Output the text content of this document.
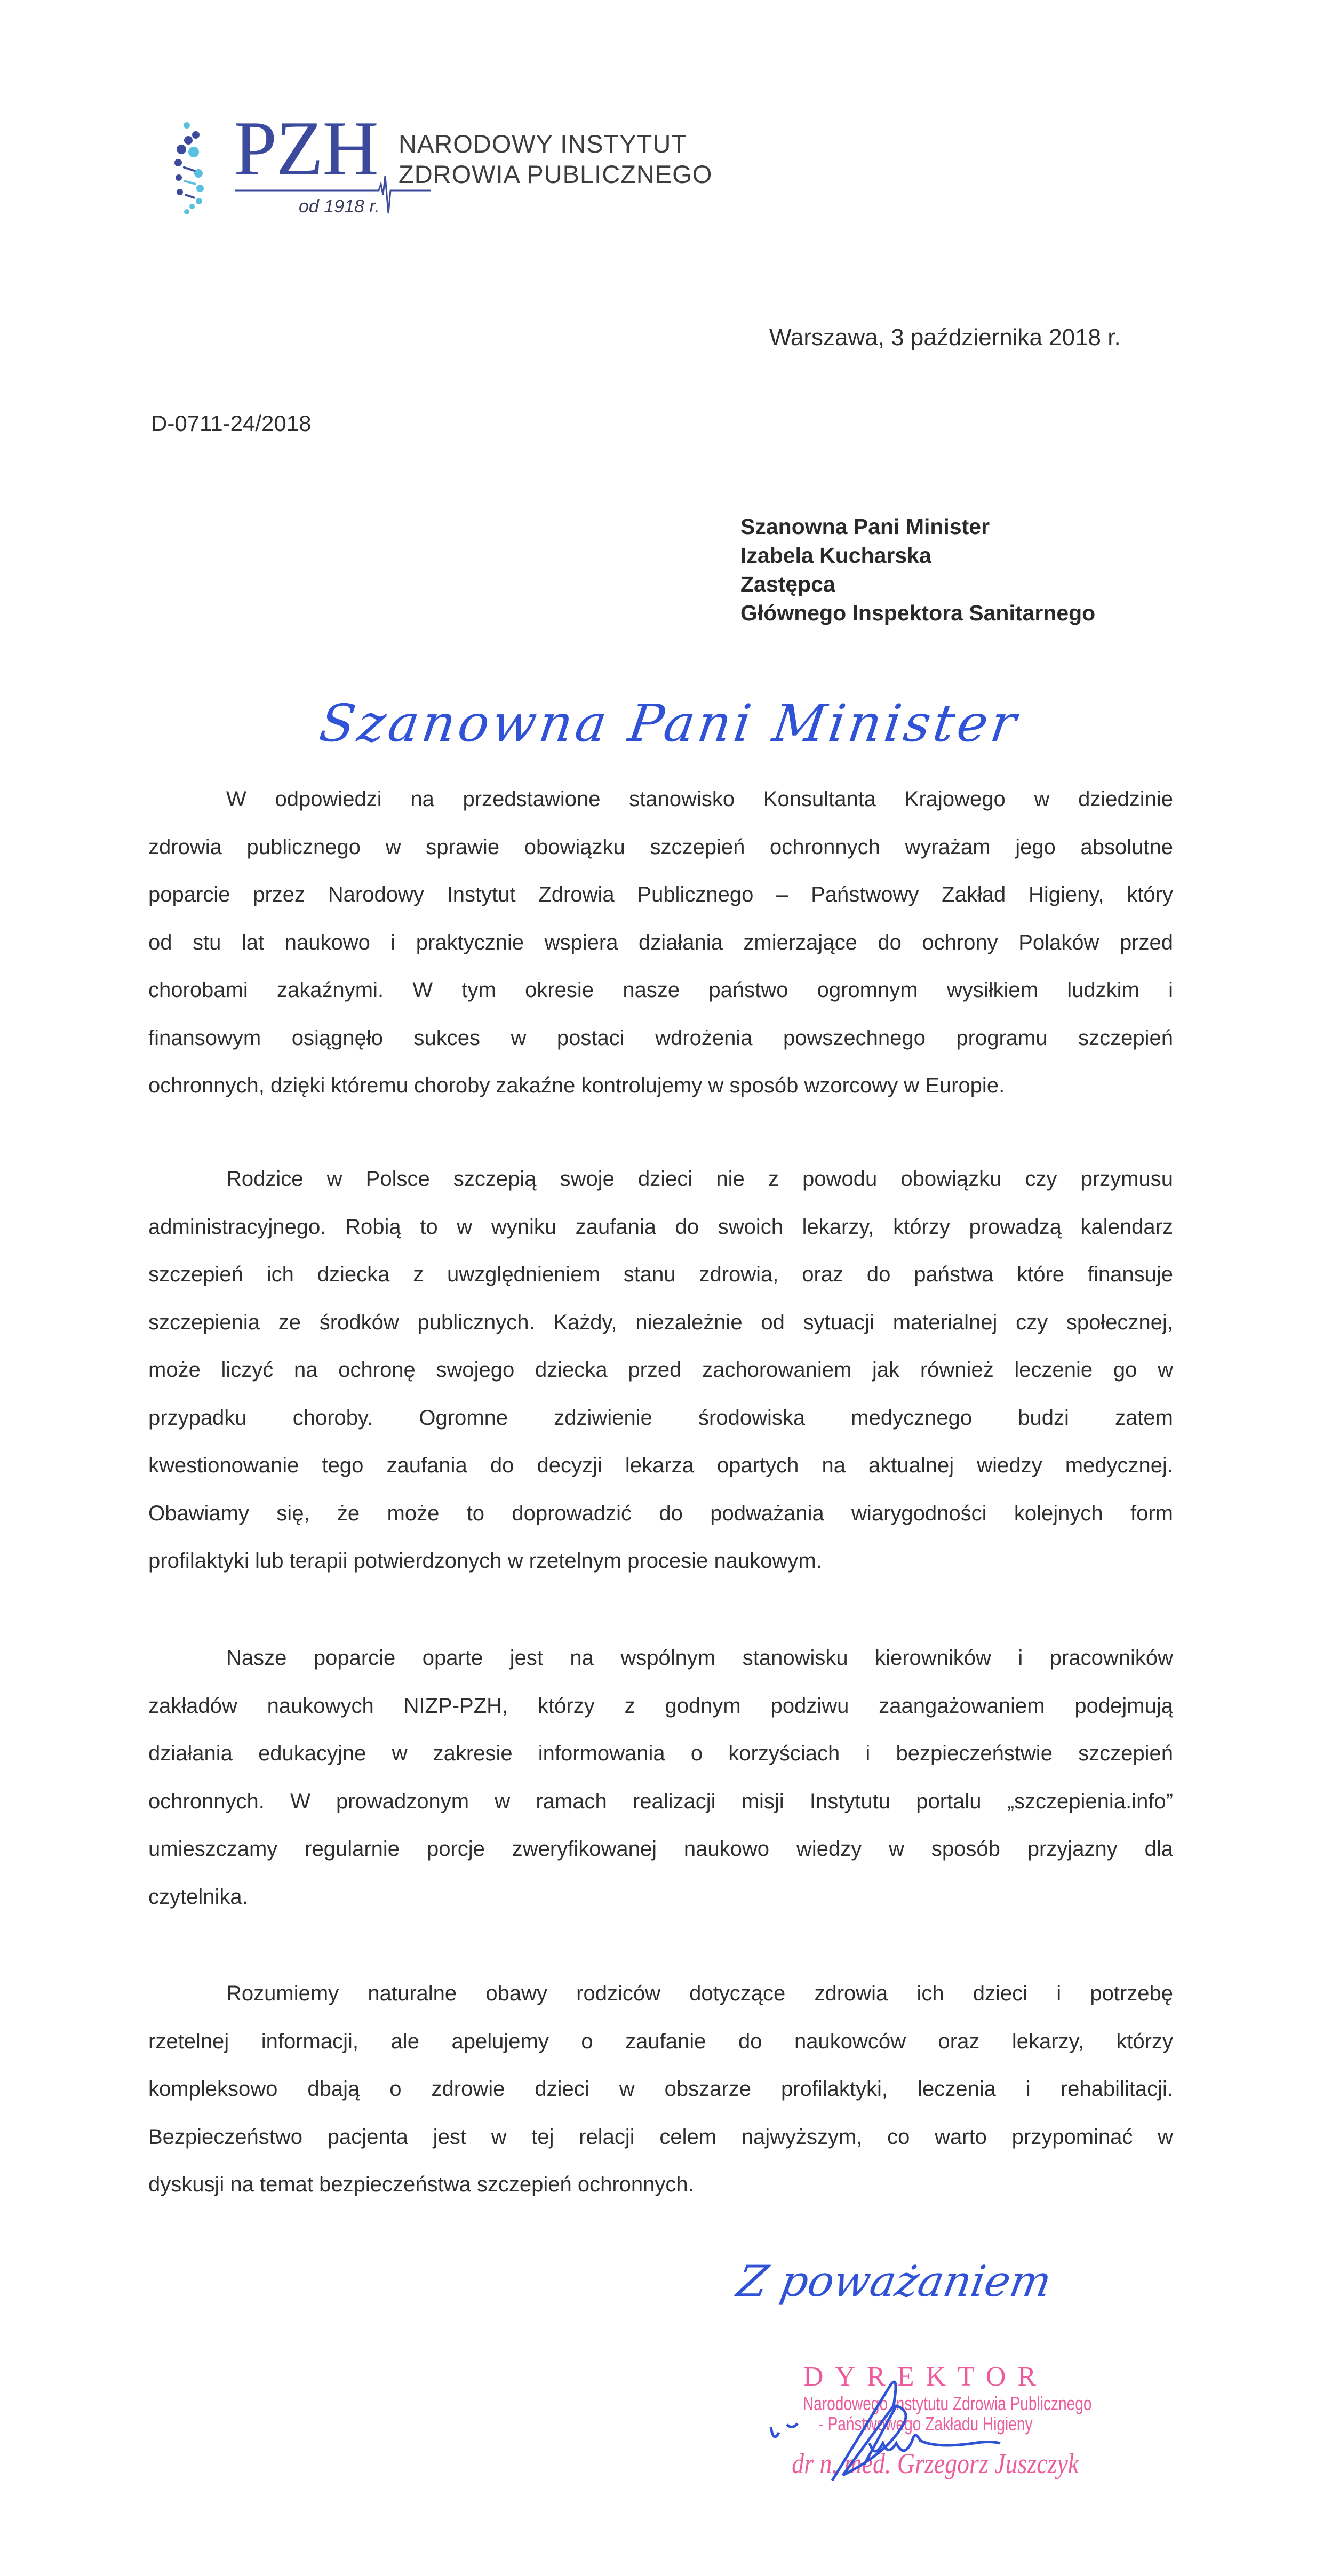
PZH NARODOWY INSTYTUT
ZDROWIA PUBLICZNEGO
od 1918 r.
Warszawa, 3 października 2018 r.
D-0711-24/2018
Szanowna Pani Minister
Izabela Kucharska
Zastępca
Głównego Inspektora Sanitarnego
Szanowna Pani Minister
W odpowiedzi na przedstawione stanowisko Konsultanta Krajowego w dziedzinie
zdrowia publicznego w sprawie obowiązku szczepień ochronnych wyrażam jego absolutne
poparcie przez Narodowy Instytut Zdrowia Publicznego – Państwowy Zakład Higieny, który
od stu lat naukowo i praktycznie wspiera działania zmierzające do ochrony Polaków przed
chorobami zakaźnymi. W tym okresie nasze państwo ogromnym wysiłkiem ludzkim i
finansowym osiągnęło sukces w postaci wdrożenia powszechnego programu szczepień
ochronnych, dzięki któremu choroby zakaźne kontrolujemy w sposób wzorcowy w Europie.
Rodzice w Polsce szczepią swoje dzieci nie z powodu obowiązku czy przymusu
administracyjnego. Robią to w wyniku zaufania do swoich lekarzy, którzy prowadzą kalendarz
szczepień ich dziecka z uwzględnieniem stanu zdrowia, oraz do państwa które finansuje
szczepienia ze środków publicznych. Każdy, niezależnie od sytuacji materialnej czy społecznej,
może liczyć na ochronę swojego dziecka przed zachorowaniem jak również leczenie go w
przypadku choroby. Ogromne zdziwienie środowiska medycznego budzi zatem
kwestionowanie tego zaufania do decyzji lekarza opartych na aktualnej wiedzy medycznej.
Obawiamy się, że może to doprowadzić do podważania wiarygodności kolejnych form
profilaktyki lub terapii potwierdzonych w rzetelnym procesie naukowym.
Nasze poparcie oparte jest na wspólnym stanowisku kierowników i pracowników
zakładów naukowych NIZP-PZH, którzy z godnym podziwu zaangażowaniem podejmują
działania edukacyjne w zakresie informowania o korzyściach i bezpieczeństwie szczepień
ochronnych. W prowadzonym w ramach realizacji misji Instytutu portalu „szczepienia.info”
umieszczamy regularnie porcje zweryfikowanej naukowo wiedzy w sposób przyjazny dla
czytelnika.
Rozumiemy naturalne obawy rodziców dotyczące zdrowia ich dzieci i potrzebę
rzetelnej informacji, ale apelujemy o zaufanie do naukowców oraz lekarzy, którzy
kompleksowo dbają o zdrowie dzieci w obszarze profilaktyki, leczenia i rehabilitacji.
Bezpieczeństwo pacjenta jest w tej relacji celem najwyższym, co warto przypominać w
dyskusji na temat bezpieczeństwa szczepień ochronnych.
Z poważaniem
DYREKTOR
Narodowego Instytutu Zdrowia Publicznego
- Państwowego Zakładu Higieny
dr n. med. Grzegorz Juszczyk
